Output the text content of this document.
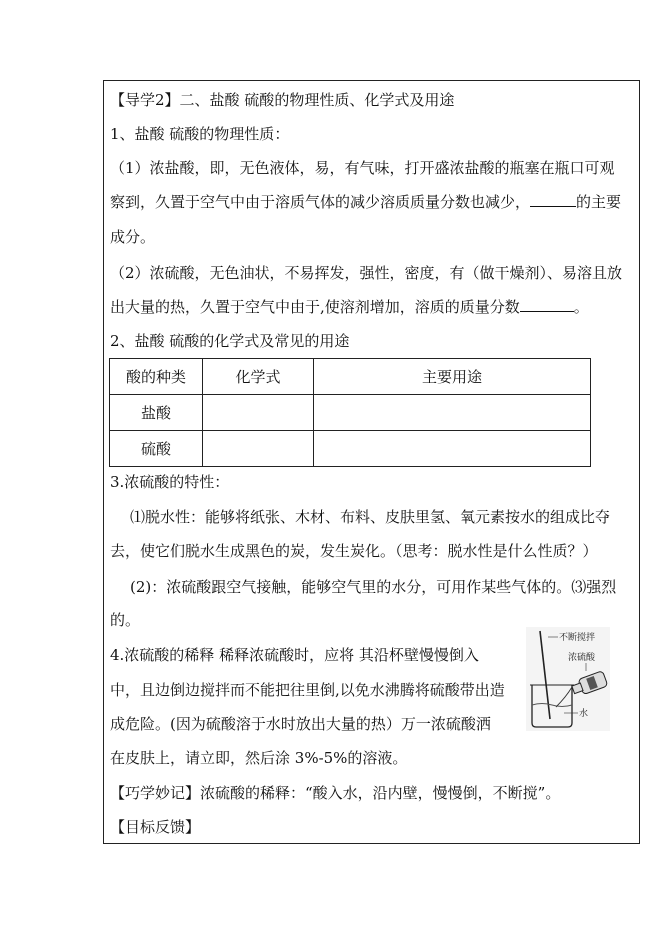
【导学2】二、盐酸 硫酸的物理性质、化学式及用途
1、盐酸 硫酸的物理性质：
（1）浓盐酸，即，无色液体，易，有气味，打开盛浓盐酸的瓶塞在瓶口可观
察到，久置于空气中由于溶质气体的减少溶质质量分数也减少，	的主要
成分。
（2）浓硫酸，无色油状，不易挥发，强性，密度，有（做干燥剂）、易溶且放
出大量的热，久置于空气中由于,使溶剂增加，溶质的质量分数	。
2、盐酸 硫酸的化学式及常见的用途
酸的种类	化学式	主要用途
盐酸		
硫酸		
3.浓硫酸的特性：
⑴脱水性：能够将纸张、木材、布料、皮肤里氢、氧元素按水的组成比夺
去，使它们脱水生成黑色的炭，发生炭化。（思考：脱水性是什么性质？）
(2)：浓硫酸跟空气接触，能够空气里的水分，可用作某些气体的。⑶强烈
的。
4.浓硫酸的稀释 稀释浓硫酸时，应将 其沿杯壁慢慢倒入
中，且边倒边搅拌而不能把往里倒,以免水沸腾将硫酸带出造
成危险。(因为硫酸溶于水时放出大量的热）万一浓硫酸洒
在皮肤上，请立即，然后涂 3%-5%的溶液。
不断搅拌
浓硫酸
水
【巧学妙记】浓硫酸的稀释：“酸入水，沿内壁，慢慢倒，不断搅”。
【目标反馈】
